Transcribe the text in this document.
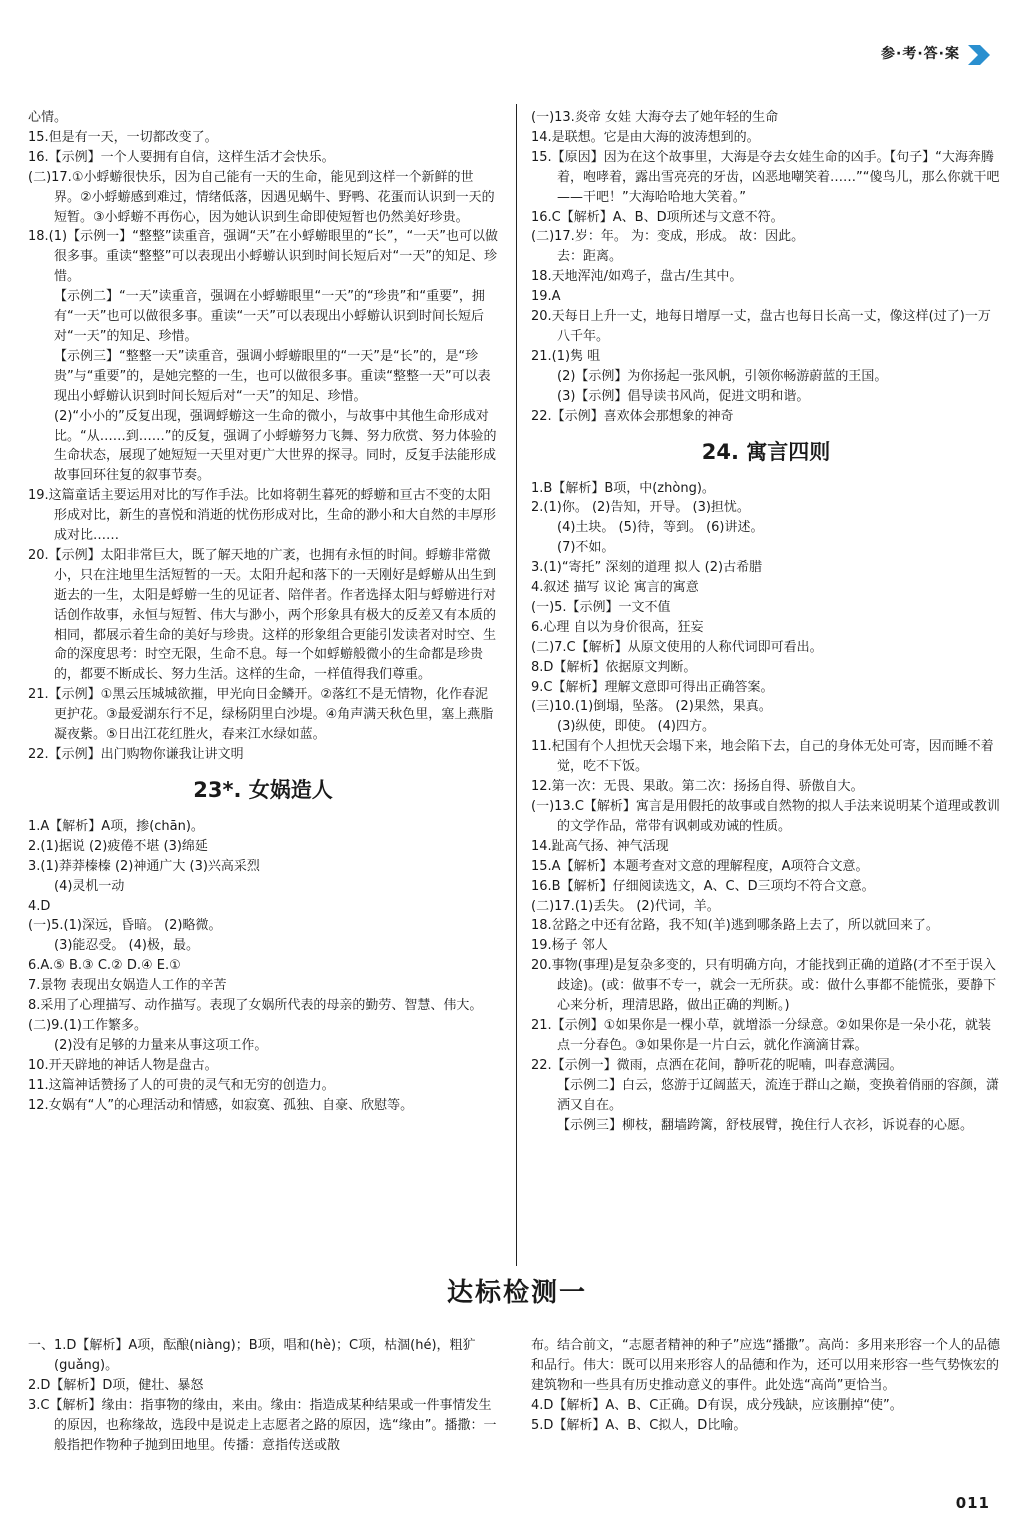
参·考·答·案

心情。

15.但是有一天，一切都改变了。

16.【示例】一个人要拥有自信，这样生活才会快乐。

(二)17.①小蜉蝣很快乐，因为自己能有一天的生命，能见到这样一个新鲜的世界。②小蜉蝣感到难过，情绪低落，因遇见蜗牛、野鸭、花蛋而认识到一天的短暂。③小蜉蝣不再伤心，因为她认识到生命即使短暂也仍然美好珍贵。

18.(1)【示例一】“整整”读重音，强调“天”在小蜉蝣眼里的“长”，“一天”也可以做很多事。重读“整整”可以表现出小蜉蝣认识到时间长短后对“一天”的知足、珍惜。

【示例二】“一天”读重音，强调在小蜉蝣眼里“一天”的“珍贵”和“重要”，拥有“一天”也可以做很多事。重读“一天”可以表现出小蜉蝣认识到时间长短后对“一天”的知足、珍惜。

【示例三】“整整一天”读重音，强调小蜉蝣眼里的“一天”是“长”的，是“珍贵”与“重要”的，是她完整的一生，也可以做很多事。重读“整整一天”可以表现出小蜉蝣认识到时间长短后对“一天”的知足、珍惜。

(2)“小小的”反复出现，强调蜉蝣这一生命的微小，与故事中其他生命形成对比。“从……到……”的反复，强调了小蜉蝣努力飞舞、努力欣赏、努力体验的生命状态，展现了她短短一天里对更广大世界的探寻。同时，反复手法能形成故事回环往复的叙事节奏。

19.这篇童话主要运用对比的写作手法。比如将朝生暮死的蜉蝣和亘古不变的太阳形成对比，新生的喜悦和消逝的忧伤形成对比，生命的渺小和大自然的丰厚形成对比……

20.【示例】太阳非常巨大，既了解天地的广袤，也拥有永恒的时间。蜉蝣非常微小，只在注地里生活短暂的一天。太阳升起和落下的一天刚好是蜉蝣从出生到逝去的一生，太阳是蜉蝣一生的见证者、陪伴者。作者选择太阳与蜉蝣进行对话创作故事，永恒与短暂、伟大与渺小，两个形象具有极大的反差又有本质的相同，都展示着生命的美好与珍贵。这样的形象组合更能引发读者对时空、生命的深度思考：时空无限，生命不息。每一个如蜉蝣般微小的生命都是珍贵的，都要不断成长、努力生活。这样的生命，一样值得我们尊重。

21.【示例】①黑云压城城欲摧，甲光向日金鳞开。②落红不是无情物，化作春泥更护花。③最爱湖东行不足，绿杨阴里白沙堤。④角声满天秋色里，塞上燕脂凝夜紫。⑤日出江花红胜火，春来江水绿如蓝。

22.【示例】出门购物你谦我让讲文明

23*. 女娲造人

1.A【解析】A项，掺(chān)。

2.(1)据说 (2)疲倦不堪 (3)绵延

3.(1)莽莽榛榛 (2)神通广大 (3)兴高采烈

(4)灵机一动

4.D

(一)5.(1)深远，昏暗。 (2)略微。

(3)能忍受。 (4)极，最。

6.A.⑤ B.③ C.② D.④ E.①

7.景物 表现出女娲造人工作的辛苦

8.采用了心理描写、动作描写。表现了女娲所代表的母亲的勤劳、智慧、伟大。

(二)9.(1)工作繁多。

(2)没有足够的力量来从事这项工作。

10.开天辟地的神话人物是盘古。

11.这篇神话赞扬了人的可贵的灵气和无穷的创造力。

12.女娲有“人”的心理活动和情感，如寂寞、孤独、自豪、欣慰等。

(一)13.炎帝 女娃 大海夺去了她年轻的生命

14.是联想。它是由大海的波涛想到的。

15.【原因】因为在这个故事里，大海是夺去女娃生命的凶手。【句子】“大海奔腾着，咆哮着，露出雪亮亮的牙齿，凶恶地嘲笑着……”“傻鸟儿，那么你就干吧——干吧！”大海哈哈地大笑着。”

16.C【解析】A、B、D项所述与文意不符。

(二)17.岁：年。 为：变成，形成。 故：因此。

去：距离。

18.天地浑沌/如鸡子，盘古/生其中。

19.A

20.天每日上升一丈，地每日增厚一丈，盘古也每日长高一丈，像这样(过了)一万八千年。

21.(1)隽 咀

(2)【示例】为你扬起一张风帆，引领你畅游蔚蓝的王国。

(3)【示例】倡导读书风尚，促进文明和谐。

22.【示例】喜欢体会那想象的神奇

24. 寓言四则

1.B【解析】B项，中(zhòng)。

2.(1)你。 (2)告知，开导。 (3)担忧。

(4)土块。 (5)待，等到。 (6)讲述。

(7)不如。

3.(1)“寄托” 深刻的道理 拟人 (2)古希腊

4.叙述 描写 议论 寓言的寓意

(一)5.【示例】一文不值

6.心理 自以为身价很高，狂妄

(二)7.C【解析】从原文使用的人称代词即可看出。

8.D【解析】依据原文判断。

9.C【解析】理解文意即可得出正确答案。

(三)10.(1)倒塌，坠落。 (2)果然，果真。

(3)纵使，即使。 (4)四方。

11.杞国有个人担忧天会塌下来，地会陷下去，自己的身体无处可寄，因而睡不着觉，吃不下饭。

12.第一次：无畏、果敢。第二次：扬扬自得、骄傲自大。

(一)13.C【解析】寓言是用假托的故事或自然物的拟人手法来说明某个道理或教训的文学作品，常带有讽刺或劝诫的性质。

14.趾高气扬、神气活现

15.A【解析】本题考查对文意的理解程度，A项符合文意。

16.B【解析】仔细阅读选文，A、C、D三项均不符合文意。

(二)17.(1)丢失。 (2)代词，羊。

18.岔路之中还有岔路，我不知(羊)逃到哪条路上去了，所以就回来了。

19.杨子 邻人

20.事物(事理)是复杂多变的，只有明确方向，才能找到正确的道路(才不至于误入歧途)。(或：做事不专一，就会一无所获。或：做什么事都不能慌张，要静下心来分析，理清思路，做出正确的判断。)

21.【示例】①如果你是一棵小草，就增添一分绿意。②如果你是一朵小花，就装点一分春色。③如果你是一片白云，就化作滴滴甘霖。

22.【示例一】微雨，点洒在花间，静听花的呢喃，叫春意满园。

【示例二】白云，悠游于辽阔蓝天，流连于群山之巅，变换着俏丽的容颜，潇洒又自在。

【示例三】柳枝，翻墙跨篱，舒枝展臂，挽住行人衣衫，诉说春的心愿。

达标检测一

一、1.D【解析】A项，酝酿(niàng)；B项，唱和(hè)；C项，枯涸(hé)，粗犷(guǎng)。

2.D【解析】D项，健壮、暴怒

3.C【解析】缘由：指事物的缘由，来由。缘由：指造成某种结果或一件事情发生的原因，也称缘故，选段中是说走上志愿者之路的原因，选“缘由”。播撒：一般指把作物种子抛到田地里。传播：意指传送或散

布。结合前文，“志愿者精神的种子”应选“播撒”。高尚：多用来形容一个人的品德和品行。伟大：既可以用来形容人的品德和作为，还可以用来形容一些气势恢宏的建筑物和一些具有历史推动意义的事件。此处选“高尚”更恰当。

4.D【解析】A、B、C正确。D有误，成分残缺，应该删掉“使”。

5.D【解析】A、B、C拟人，D比喻。

011
